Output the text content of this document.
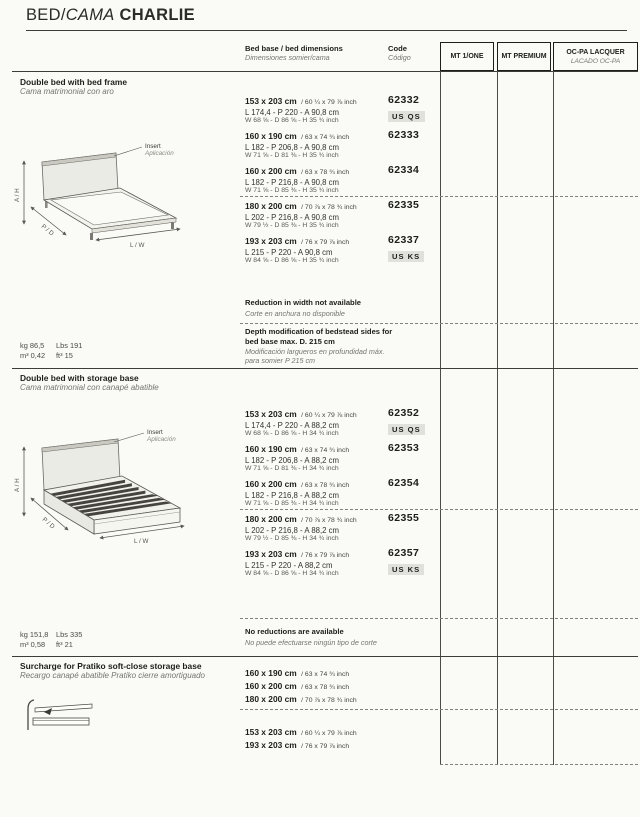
BED/CAMA CHARLIE
Bed base / bed dimensions
Dimensiones somier/cama
Code
Código	MT 1/ONE	MT PREMIUM
OC-PA LACQUER
LACADO OC-PA
Double bed with bed frame
Cama matrimonial con aro
A / H
Insert
Aplicación
P / D
L / W
153 x 203 cm / 60 ¼ x 79 ⅞ inch
L 174,4 - P 220 - A 90,8 cm
W 68 ⅝ - D 86 ⅝ - H 35 ¾ inch
62332
US QS
160 x 190 cm / 63 x 74 ¾ inch
L 182 - P 206,8 - A 90,8 cm
W 71 ⅝ - D 81 ⅜ - H 35 ¾ inch
62333
160 x 200 cm / 63 x 78 ¾ inch
L 182 - P 216,8 - A 90,8 cm
W 71 ⅝ - D 85 ⅜ - H 35 ¾ inch
62334
180 x 200 cm / 70 ⅞ x 78 ¾ inch
L 202 - P 216,8 - A 90,8 cm
W 79 ½ - D 85 ⅜ - H 35 ¾ inch
62335
193 x 203 cm / 76 x 79 ⅞ inch
L 215 - P 220 - A 90,8 cm
W 84 ⅝ - D 86 ⅝ - H 35 ¾ inch
62337
US KS
Reduction in width not available
Corte en anchura no disponible
Depth modification of bedstead sides for bed base max. D. 215 cm
Modificación largueros en profundidad máx. para somier P 215 cm
kg 86,5 Lbs 191
m³ 0,42 ft³ 15
Double bed with storage base
Cama matrimonial con canapé abatible
A / H
Insert
Aplicación
P / D
L / W
153 x 203 cm / 60 ¼ x 79 ⅞ inch
L 174,4 - P 220 - A 88,2 cm
W 68 ⅝ - D 86 ⅝ - H 34 ¾ inch
62352
US QS
160 x 190 cm / 63 x 74 ¾ inch
L 182 - P 206,8 - A 88,2 cm
W 71 ⅝ - D 81 ⅜ - H 34 ¾ inch
62353
160 x 200 cm / 63 x 78 ¾ inch
L 182 - P 216,8 - A 88,2 cm
W 71 ⅝ - D 85 ⅜ - H 34 ¾ inch
62354
180 x 200 cm / 70 ⅞ x 78 ¾ inch
L 202 - P 216,8 - A 88,2 cm
W 79 ½ - D 85 ⅜ - H 34 ¾ inch
62355
193 x 203 cm / 76 x 79 ⅞ inch
L 215 - P 220 - A 88,2 cm
W 84 ⅝ - D 86 ⅝ - H 34 ¾ inch
62357
US KS
No reductions are available
No puede efectuarse ningún tipo de corte
kg 151,8 Lbs 335
m³ 0,58 ft³ 21
Surcharge for Pratiko soft-close storage base
Recargo canapé abatible Pratiko cierre amortiguado	160 x 190 cm / 63 x 74 ¾ inch
160 x 200 cm / 63 x 78 ¾ inch
180 x 200 cm / 70 ⅞ x 78 ¾ inch
153 x 203 cm / 60 ¼ x 79 ⅞ inch
193 x 203 cm / 76 x 79 ⅞ inch
